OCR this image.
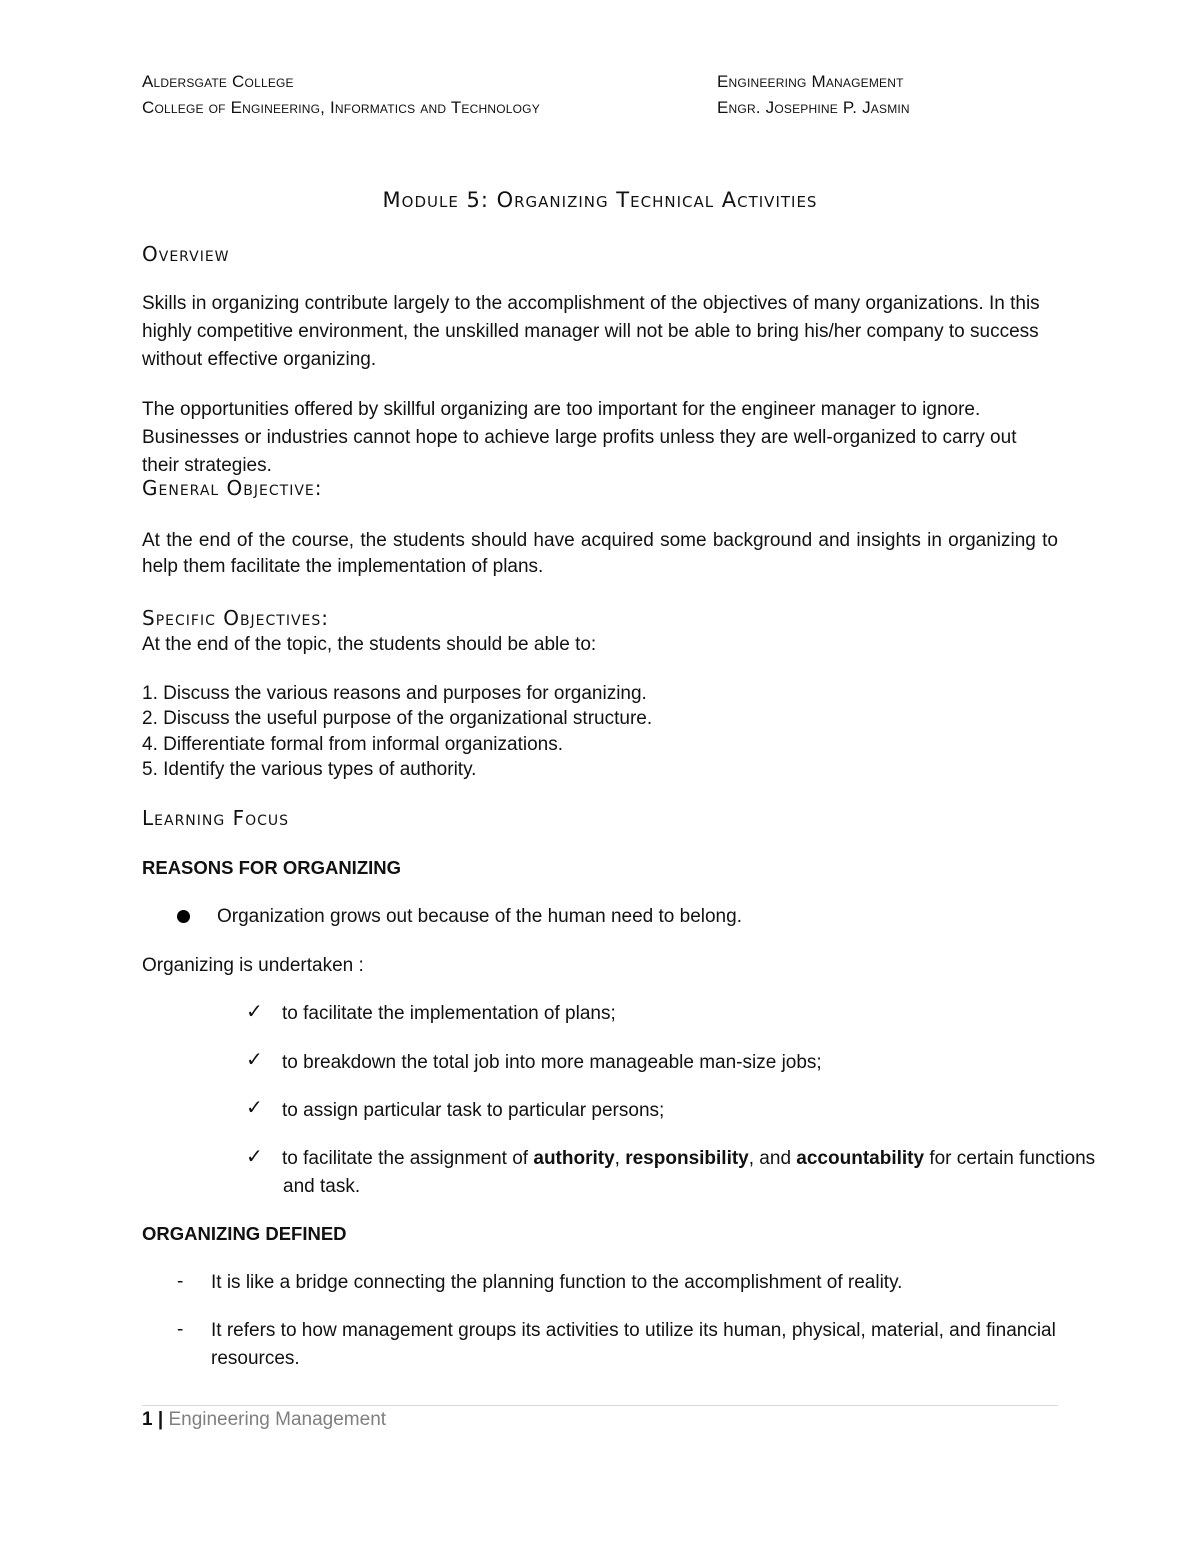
Aldersgate College
College of Engineering, Informatics and Technology
Engineering Management
Engr. Josephine P. Jasmin
Module 5: Organizing Technical Activities
Overview
Skills in organizing contribute largely to the accomplishment of the objectives of many organizations. In this highly competitive environment, the unskilled manager will not be able to bring his/her company to success without effective organizing.
The opportunities offered by skillful organizing are too important for the engineer manager to ignore. Businesses or industries cannot hope to achieve large profits unless they are well-organized to carry out their strategies.
General Objective:
At the end of the course, the students should have acquired some background and insights in organizing to help them facilitate the implementation of plans.
Specific Objectives:
At the end of the topic, the students should be able to:
1. Discuss the various reasons and purposes for organizing.
2. Discuss the useful purpose of the organizational structure.
4. Differentiate formal from informal organizations.
5. Identify the various types of authority.
Learning Focus
REASONS FOR ORGANIZING
Organization grows out because of the human need to belong.
Organizing is undertaken :
✓ to facilitate the implementation of plans;
✓ to breakdown the total job into more manageable man-size jobs;
✓ to assign particular task to particular persons;
✓ to facilitate the assignment of authority, responsibility, and accountability for certain functions
and task.
ORGANIZING DEFINED
- It is like a bridge connecting the planning function to the accomplishment of reality.
- It refers to how management groups its activities to utilize its human, physical, material, and financial
resources.
1 | Engineering Management
